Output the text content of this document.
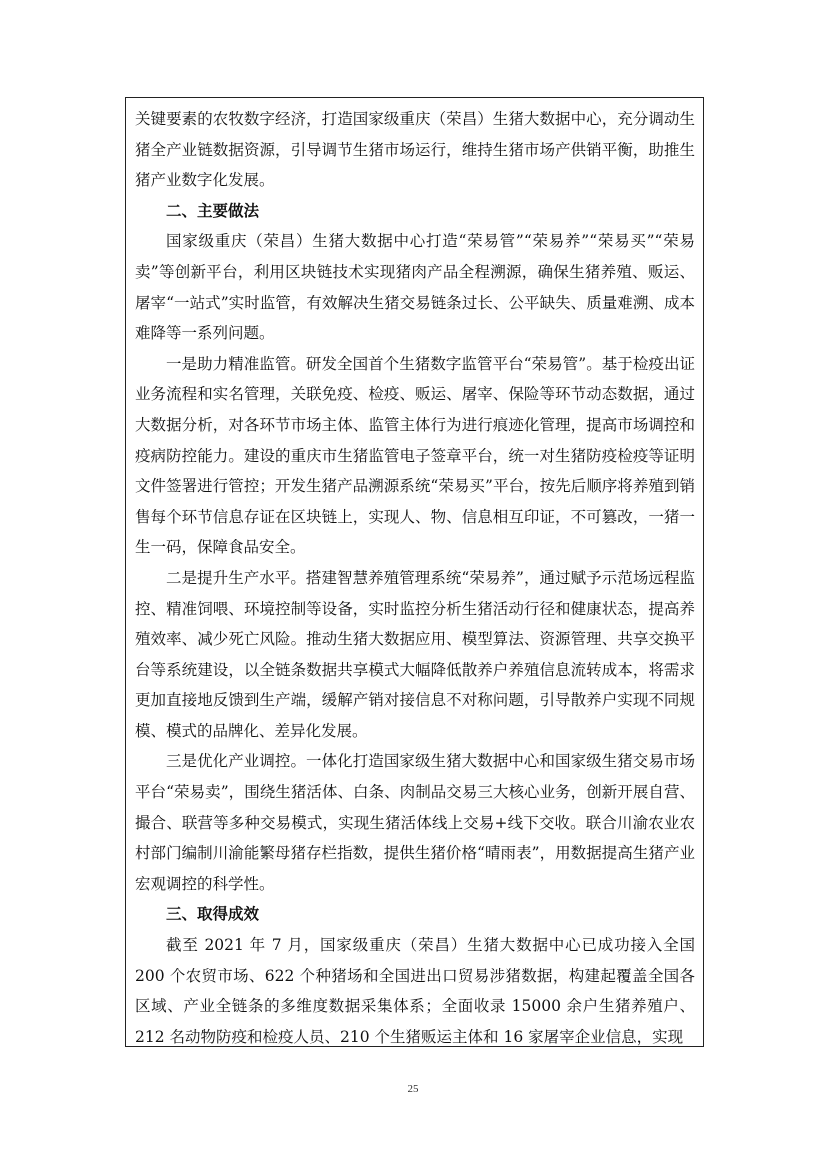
关键要素的农牧数字经济，打造国家级重庆（荣昌）生猪大数据中心，充分调动生猪全产业链数据资源，引导调节生猪市场运行，维持生猪市场产供销平衡，助推生猪产业数字化发展。

二、主要做法

国家级重庆（荣昌）生猪大数据中心打造“荣易管”“荣易养”“荣易买”“荣易卖”等创新平台，利用区块链技术实现猪肉产品全程溯源，确保生猪养殖、贩运、屠宰“一站式”实时监管，有效解决生猪交易链条过长、公平缺失、质量难溯、成本难降等一系列问题。

一是助力精准监管。研发全国首个生猪数字监管平台“荣易管”。基于检疫出证业务流程和实名管理，关联免疫、检疫、贩运、屠宰、保险等环节动态数据，通过大数据分析，对各环节市场主体、监管主体行为进行痕迹化管理，提高市场调控和疫病防控能力。建设的重庆市生猪监管电子签章平台，统一对生猪防疫检疫等证明文件签署进行管控；开发生猪产品溯源系统“荣易买”平台，按先后顺序将养殖到销售每个环节信息存证在区块链上，实现人、物、信息相互印证，不可篡改，一猪一生一码，保障食品安全。

二是提升生产水平。搭建智慧养殖管理系统“荣易养”，通过赋予示范场远程监控、精准饲喂、环境控制等设备，实时监控分析生猪活动行径和健康状态，提高养殖效率、减少死亡风险。推动生猪大数据应用、模型算法、资源管理、共享交换平台等系统建设，以全链条数据共享模式大幅降低散养户养殖信息流转成本，将需求更加直接地反馈到生产端，缓解产销对接信息不对称问题，引导散养户实现不同规模、模式的品牌化、差异化发展。

三是优化产业调控。一体化打造国家级生猪大数据中心和国家级生猪交易市场平台“荣易卖”，围绕生猪活体、白条、肉制品交易三大核心业务，创新开展自营、撮合、联营等多种交易模式，实现生猪活体线上交易+线下交收。联合川渝农业农村部门编制川渝能繁母猪存栏指数，提供生猪价格“晴雨表”，用数据提高生猪产业宏观调控的科学性。

三、取得成效

截至 2021 年 7 月，国家级重庆（荣昌）生猪大数据中心已成功接入全国 200 个农贸市场、622 个种猪场和全国进出口贸易涉猪数据，构建起覆盖全国各区域、产业全链条的多维度数据采集体系；全面收录 15000 余户生猪养殖户、212 名动物防疫和检疫人员、210 个生猪贩运主体和 16 家屠宰企业信息，实现

25
